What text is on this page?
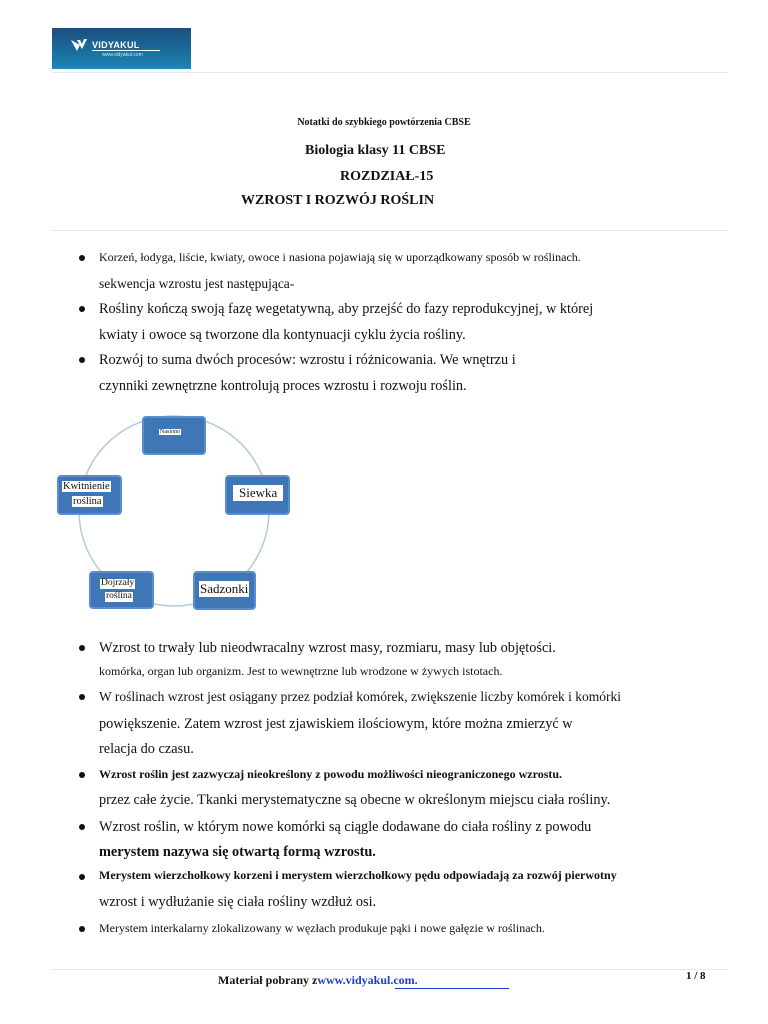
VIDYAKUL
www.vidyakul.com
Notatki do szybkiego powtórzenia CBSE
Biologia klasy 11 CBSE
ROZDZIAŁ-15
WZROST I ROZWÓJ ROŚLIN
Korzeń, łodyga, liście, kwiaty, owoce i nasiona pojawiają się w uporządkowany sposób w roślinach.
sekwencja wzrostu jest następująca-
Rośliny kończą swoją fazę wegetatywną, aby przejść do fazy reprodukcyjnej, w której
kwiaty i owoce są tworzone dla kontynuacji cyklu życia rośliny.
Rozwój to suma dwóch procesów: wzrostu i różnicowania. We wnętrzu i
czynniki zewnętrzne kontrolują proces wzrostu i rozwoju roślin.
Nasiono
Siewka
Sadzonki
Dojrzały
roślina
Kwitnienie
roślina
Wzrost to trwały lub nieodwracalny wzrost masy, rozmiaru, masy lub objętości.
komórka, organ lub organizm. Jest to wewnętrzne lub wrodzone w żywych istotach.
W roślinach wzrost jest osiągany przez podział komórek, zwiększenie liczby komórek i komórki
powiększenie. Zatem wzrost jest zjawiskiem ilościowym, które można zmierzyć w
relacja do czasu.
Wzrost roślin jest zazwyczaj nieokreślony z powodu możliwości nieograniczonego wzrostu.
przez całe życie. Tkanki merystematyczne są obecne w określonym miejscu ciała rośliny.
Wzrost roślin, w którym nowe komórki są ciągle dodawane do ciała rośliny z powodu
merystem nazywa się otwartą formą wzrostu.
Merystem wierzchołkowy korzeni i merystem wierzchołkowy pędu odpowiadają za rozwój pierwotny
wzrost i wydłużanie się ciała rośliny wzdłuż osi.
Merystem interkalarny zlokalizowany w węzłach produkuje pąki i nowe gałęzie w roślinach.
Materiał pobrany zwww.vidyakul.com.	1 / 8
